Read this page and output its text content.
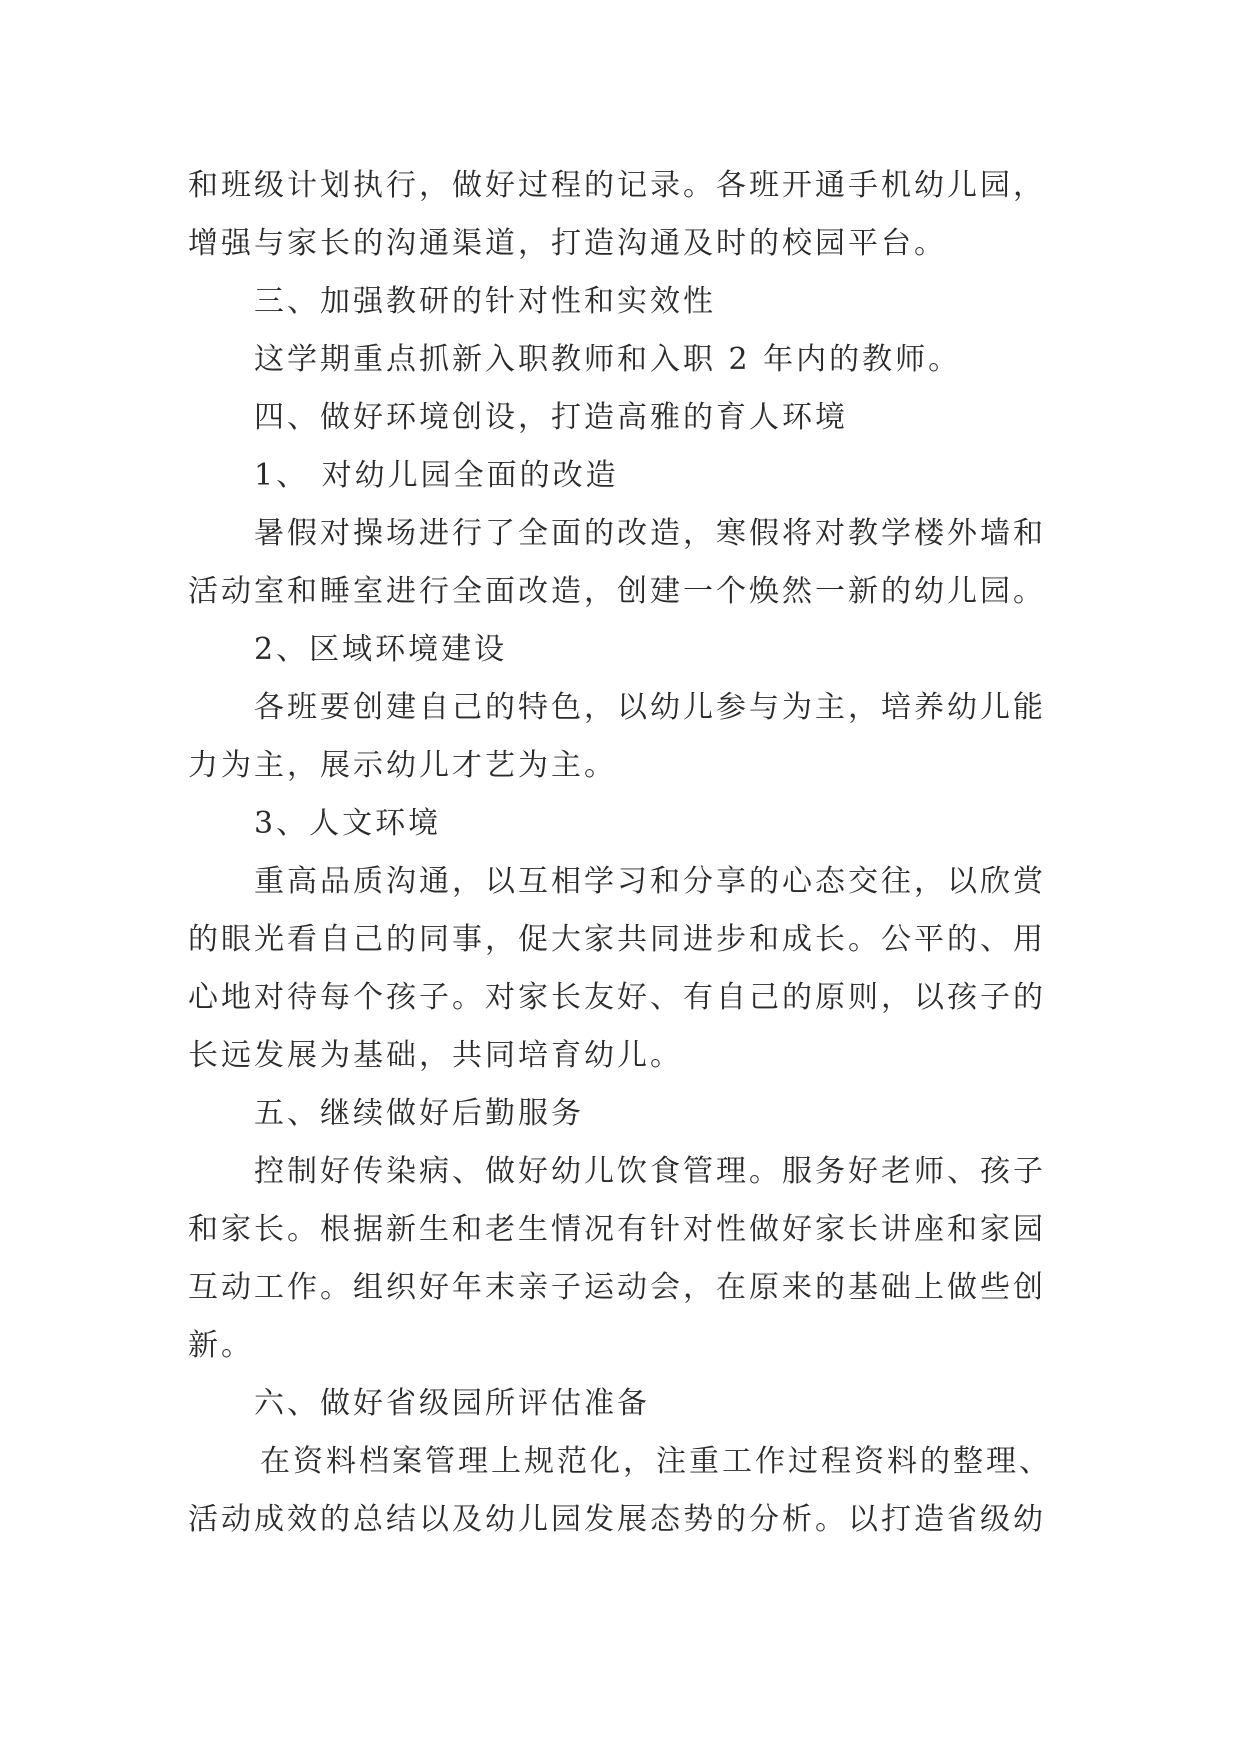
和班级计划执行，做好过程的记录。各班开通手机幼儿园，
增强与家长的沟通渠道，打造沟通及时的校园平台。
三、加强教研的针对性和实效性
这学期重点抓新入职教师和入职 2 年内的教师。
四、做好环境创设，打造高雅的育人环境
1、 对幼儿园全面的改造
暑假对操场进行了全面的改造，寒假将对教学楼外墙和
活动室和睡室进行全面改造，创建一个焕然一新的幼儿园。
2、区域环境建设
各班要创建自己的特色，以幼儿参与为主，培养幼儿能
力为主，展示幼儿才艺为主。
3、人文环境
重高品质沟通，以互相学习和分享的心态交往，以欣赏
的眼光看自己的同事，促大家共同进步和成长。公平的、用
心地对待每个孩子。对家长友好、有自己的原则，以孩子的
长远发展为基础，共同培育幼儿。
五、继续做好后勤服务
控制好传染病、做好幼儿饮食管理。服务好老师、孩子
和家长。根据新生和老生情况有针对性做好家长讲座和家园
互动工作。组织好年末亲子运动会，在原来的基础上做些创
新。
六、做好省级园所评估准备
在资料档案管理上规范化，注重工作过程资料的整理、
活动成效的总结以及幼儿园发展态势的分析。以打造省级幼
